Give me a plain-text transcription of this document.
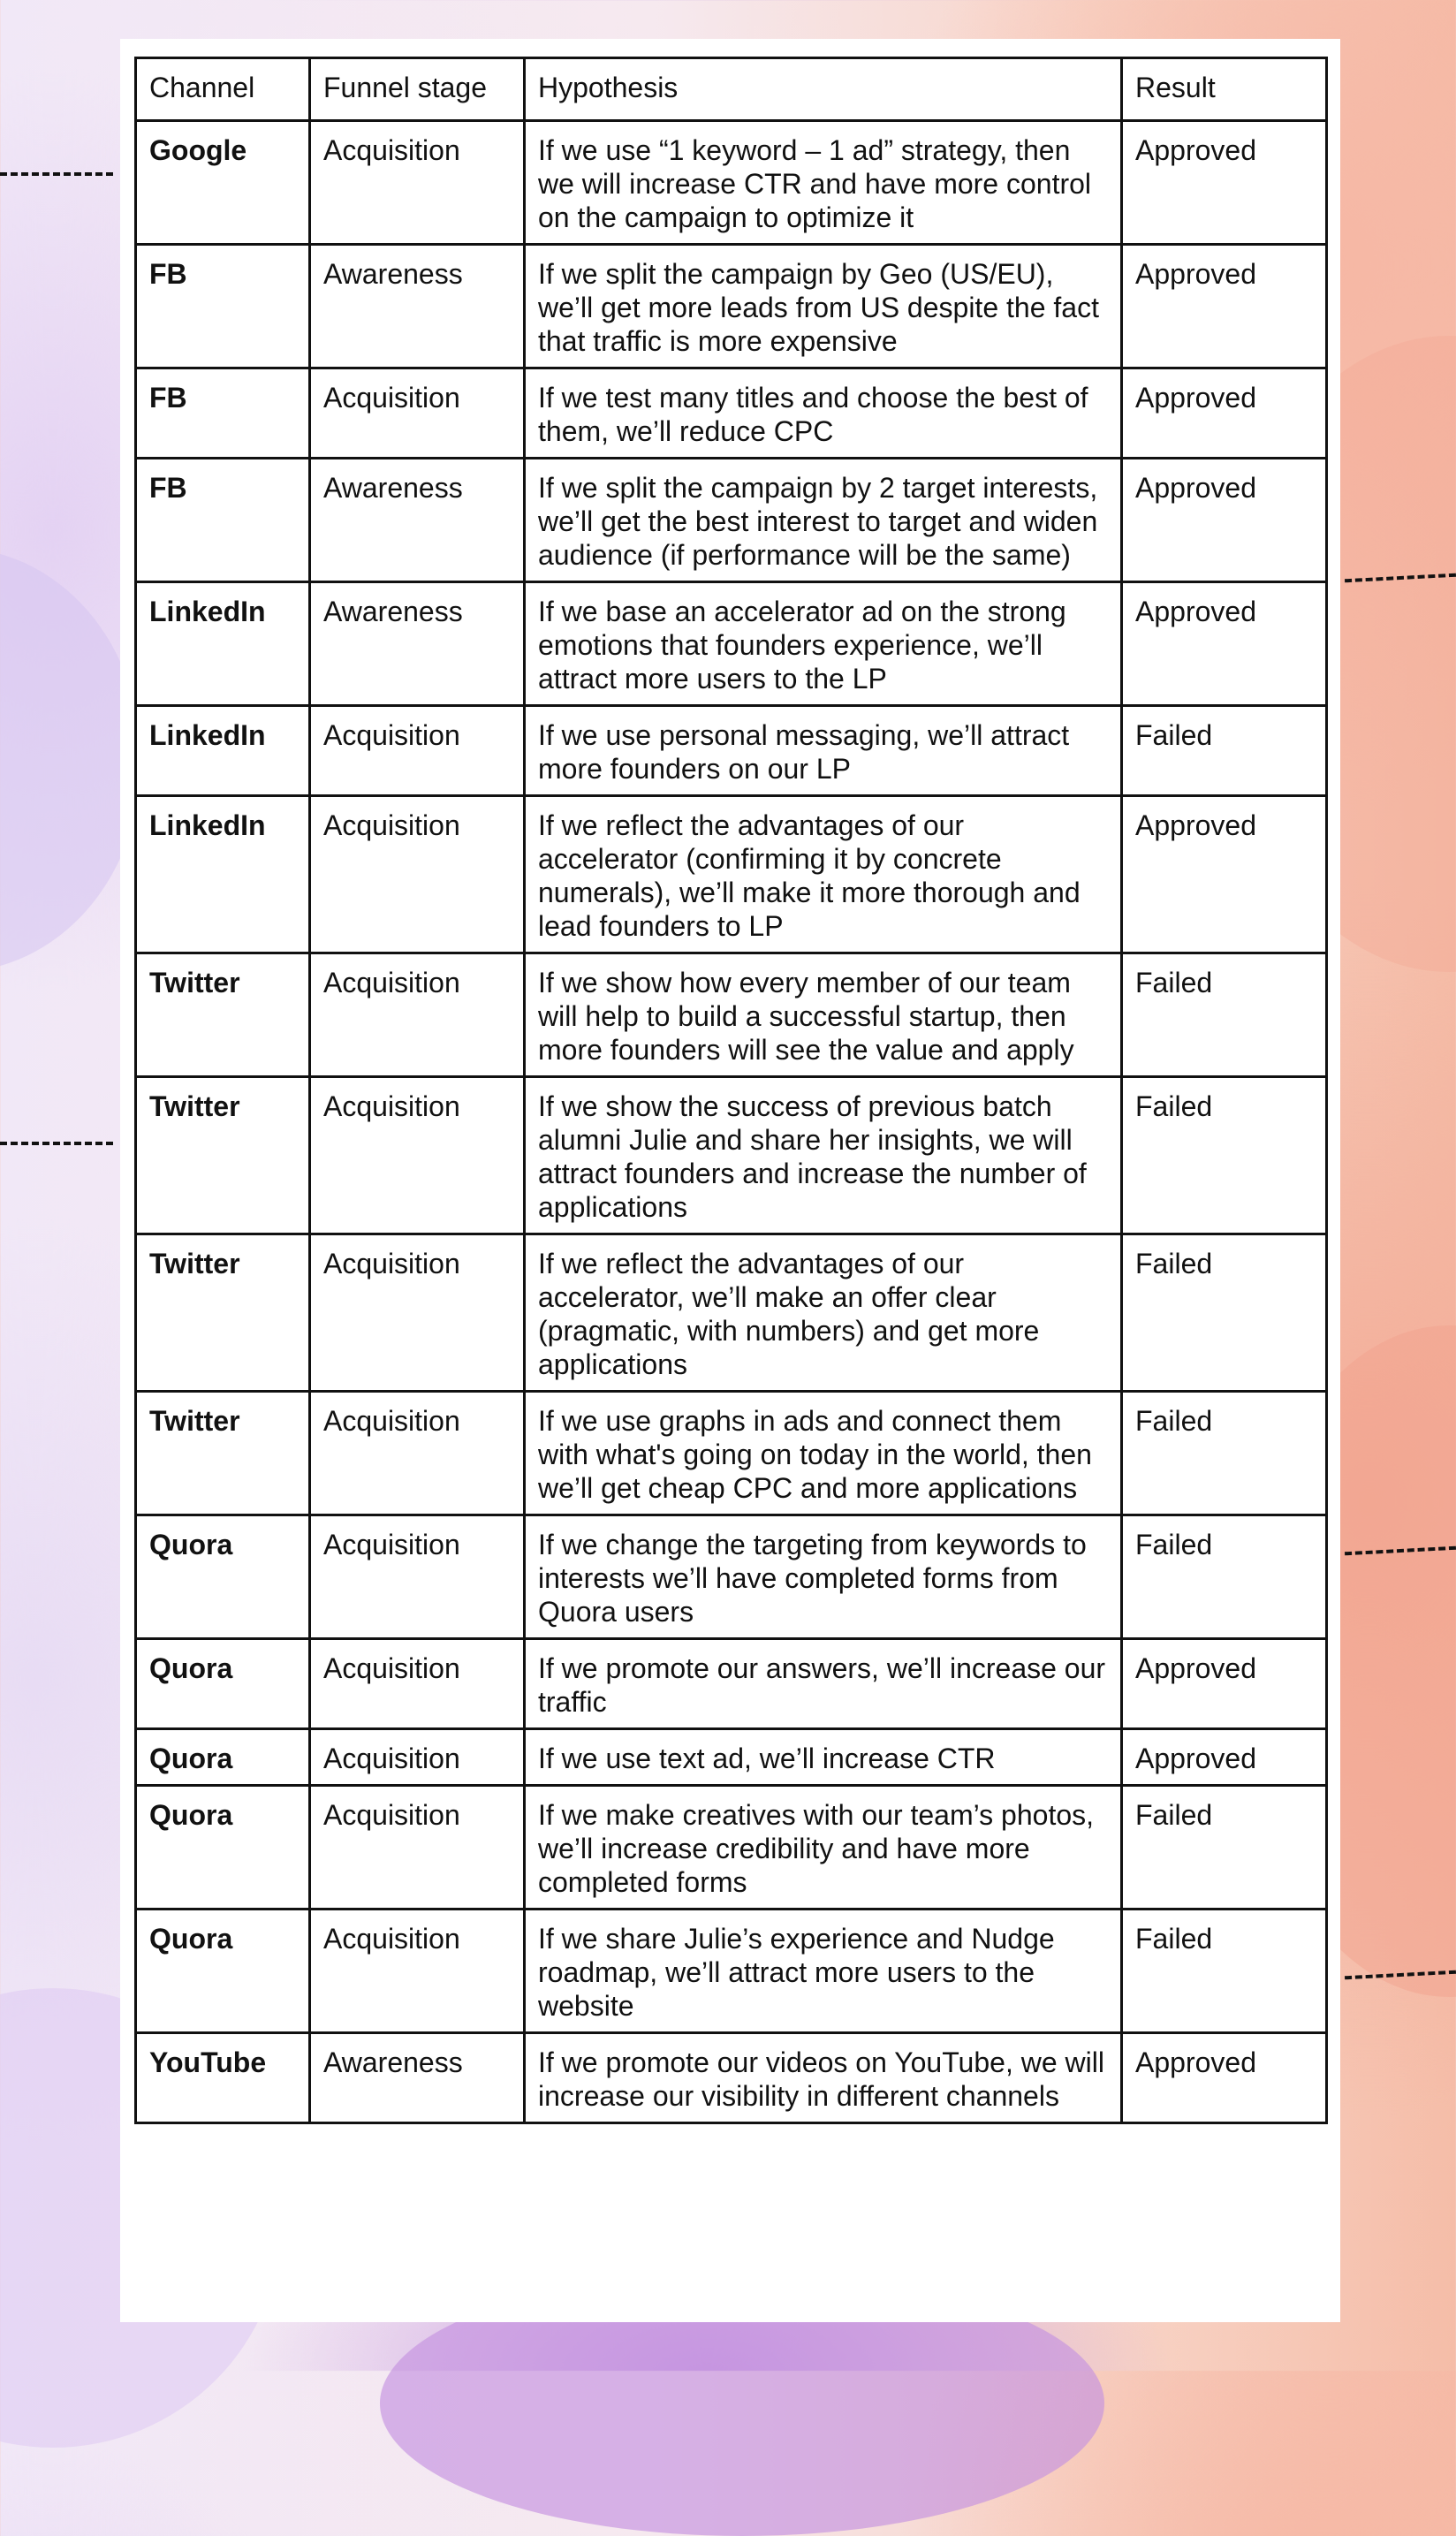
Channel	Funnel stage	Hypothesis	Result
Google	Acquisition	If we use “1 keyword – 1 ad” strategy, then we will increase CTR and have more control on the campaign to optimize it	Approved
FB	Awareness	If we split the campaign by Geo (US/EU), we’ll get more leads from US despite the fact that traffic is more expensive	Approved
FB	Acquisition	If we test many titles and choose the best of them, we’ll reduce CPC	Approved
FB	Awareness	If we split the campaign by 2 target interests, we’ll get the best interest to target and widen audience (if performance will be the same)	Approved
LinkedIn	Awareness	If we base an accelerator ad on the strong emotions that founders experience, we’ll attract more users to the LP	Approved
LinkedIn	Acquisition	If we use personal messaging, we’ll attract more founders on our LP	Failed
LinkedIn	Acquisition	If we reflect the advantages of our accelerator (confirming it by concrete numerals), we’ll make it more thorough and lead founders to LP	Approved
Twitter	Acquisition	If we show how every member of our team will help to build a successful startup, then more founders will see the value and apply	Failed
Twitter	Acquisition	If we show the success of previous batch alumni Julie and share her insights, we will attract founders and increase the number of applications	Failed
Twitter	Acquisition	If we reflect the advantages of our accelerator, we’ll make an offer clear (pragmatic, with numbers) and get more applications	Failed
Twitter	Acquisition	If we use graphs in ads and connect them with what's going on today in the world, then we’ll get cheap CPC and more applications	Failed
Quora	Acquisition	If we change the targeting from keywords to interests we’ll have completed forms from Quora users	Failed
Quora	Acquisition	If we promote our answers, we’ll increase our traffic	Approved
Quora	Acquisition	If we use text ad, we’ll increase CTR	Approved
Quora	Acquisition	If we make creatives with our team’s photos, we’ll increase credibility and have more completed forms	Failed
Quora	Acquisition	If we share Julie’s experience and Nudge roadmap, we’ll attract more users to the website	Failed
YouTube	Awareness	If we promote our videos on YouTube, we will increase our visibility in different channels	Approved
